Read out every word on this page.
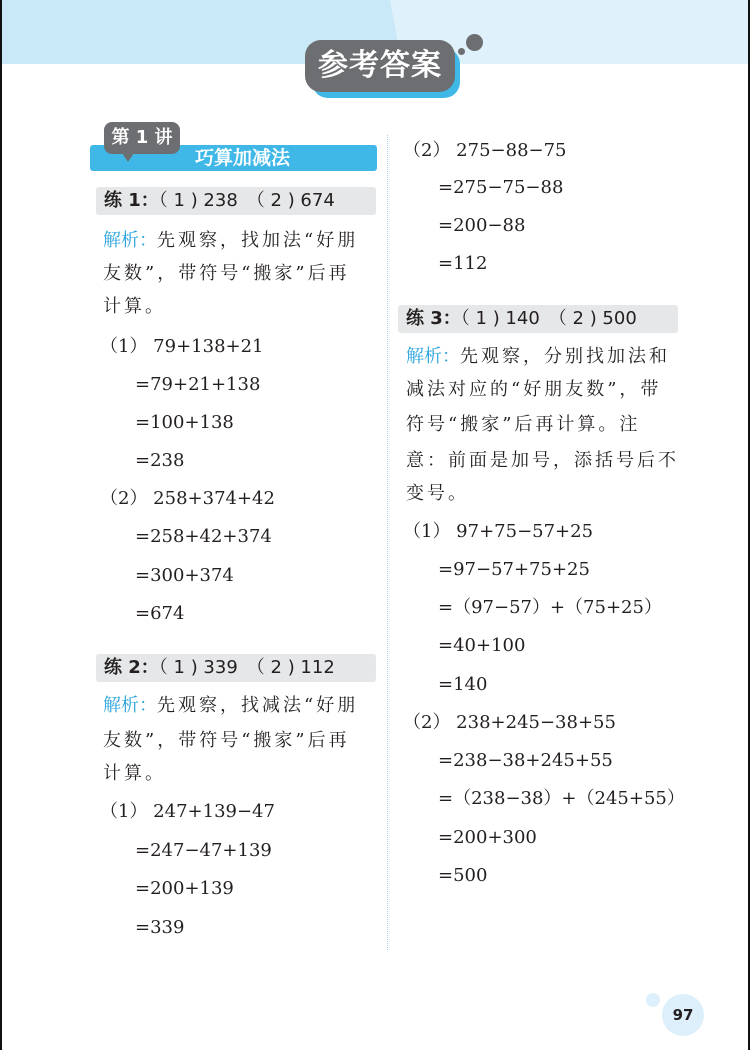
参考答案
巧算加减法
第 1 讲
练 1：（ 1 ) 238　（ 2 ) 674
解析：先观察，找加法“好朋
友数”，带符号“搬家”后再
计算。
（1） 79+138+21
=79+21+138
=100+138
=238
（2） 258+374+42
=258+42+374
=300+374
=674
练 2：（ 1 ) 339　（ 2 ) 112
解析：先观察，找减法“好朋
友数”，带符号“搬家”后再
计算。
（1） 247+139−47
=247−47+139
=200+139
=339
（2） 275−88−75
=275−75−88
=200−88
=112
练 3：（ 1 ) 140　（ 2 ) 500
解析：先观察，分别找加法和
减法对应的“好朋友数”，带
符号“搬家”后再计算。注
意：前面是加号，添括号后不
变号。
（1） 97+75−57+25
=97−57+75+25
=（97−57）+（75+25）
=40+100
=140
（2） 238+245−38+55
=238−38+245+55
=（238−38）+（245+55）
=200+300
=500
97
